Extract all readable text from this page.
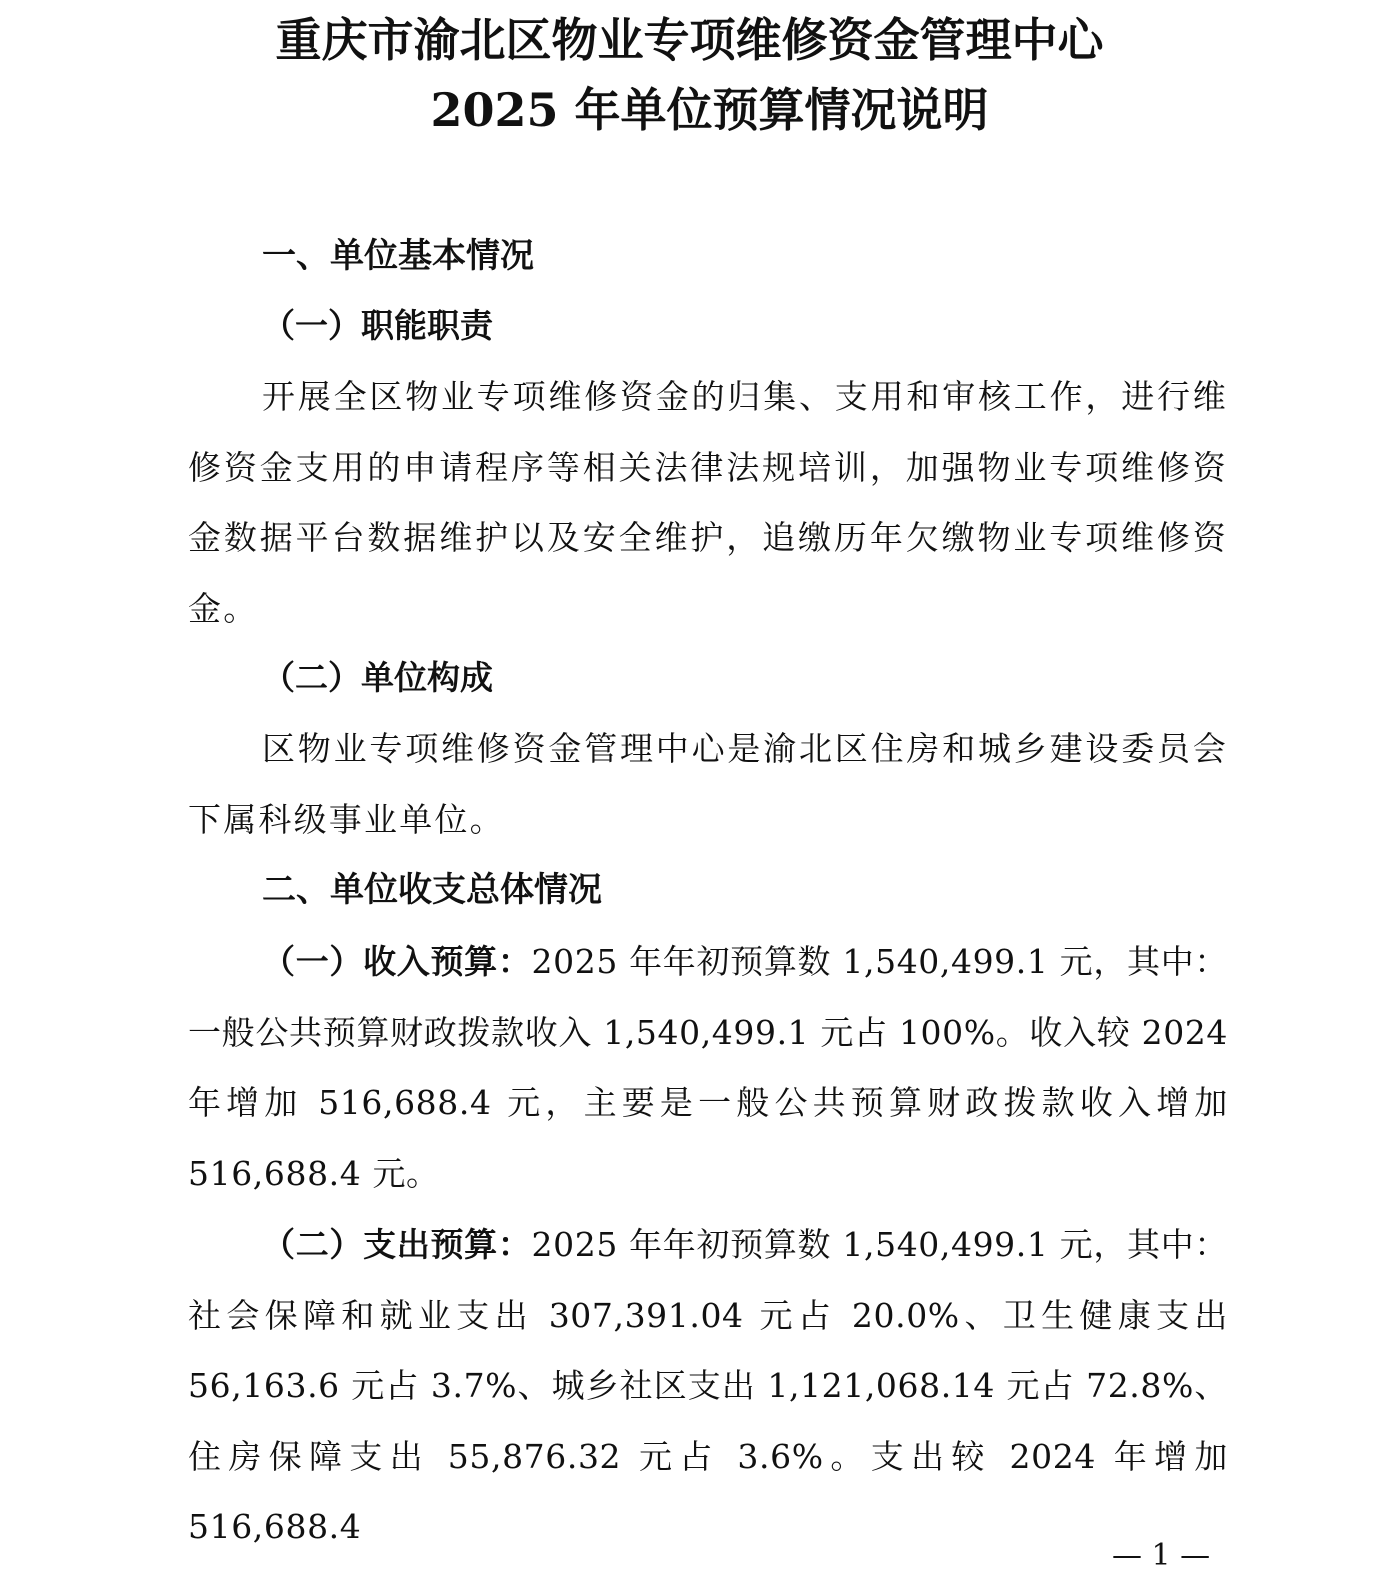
重庆市渝北区物业专项维修资金管理中心
2025 年单位预算情况说明
一、单位基本情况
（一）职能职责

开展全区物业专项维修资金的归集、支用和审核工作，进行维修资金支用的申请程序等相关法律法规培训，加强物业专项维修资金数据平台数据维护以及安全维护，追缴历年欠缴物业专项维修资金。

（二）单位构成

区物业专项维修资金管理中心是渝北区住房和城乡建设委员会下属科级事业单位。

二、单位收支总体情况

（一）收入预算：2025 年年初预算数 1,540,499.1 元，其中：一般公共预算财政拨款收入 1,540,499.1 元占 100%。收入较 2024 年增加 516,688.4 元，主要是一般公共预算财政拨款收入增加 516,688.4 元。

（二）支出预算：2025 年年初预算数 1,540,499.1 元，其中：社会保障和就业支出 307,391.04 元占 20.0%、卫生健康支出 56,163.6 元占 3.7%、城乡社区支出 1,121,068.14 元占 72.8%、住房保障支出 55,876.32 元占 3.6%。支出较 2024 年增加 516,688.4

— 1 —
